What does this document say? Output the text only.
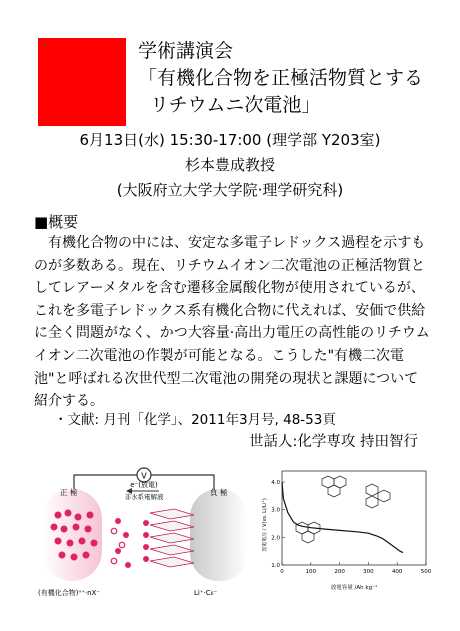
学術講演会
「有機化合物を正極活物質とする
リチウムニ次電池」
6月13日(水) 15:30-17:00 (理学部 Y203室)
杉本豊成教授
(大阪府立大学大学院·理学研究科)
■概要
有機化合物の中には、安定な多電子レドックス過程を示すものが多数ある。現在、リチウムイオン二次電池の正極活物質としてレアーメタルを含む遷移金属酸化物が使用されているが、これを多電子レドックス系有機化合物に代えれば、安価で供給に全く問題がなく、かつ大容量·高出力電圧の高性能のリチウムイオン二次電池の作製が可能となる。こうした"有機二次電池"と呼ばれる次世代型二次電池の開発の現状と課題について紹介する。
・文献: 月刊「化学」、2011年3月号, 48-53頁
世話人:化学専攻 持田智行
V
e⁻(放電)
非水系電解液
正 極	負 極
(有機化合物)ⁿ⁺·nX⁻	Li⁺·C₆⁻
1.0
2.0
3.0
4.0
0	100	200	300	400	500
放電電圧 / V(vs. Li/Li⁺)
放電容量 /Ah kg⁻¹
